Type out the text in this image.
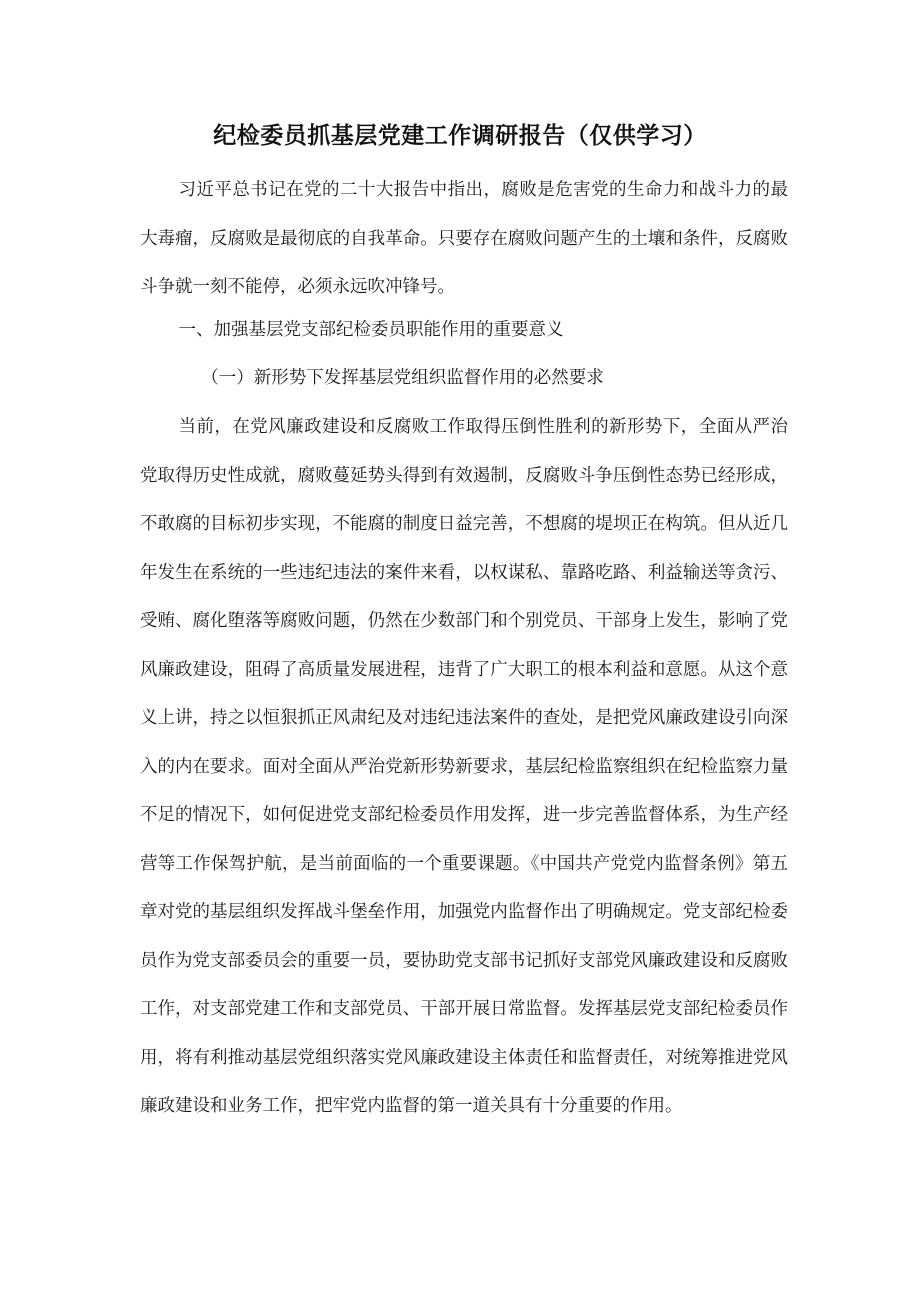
纪检委员抓基层党建工作调研报告（仅供学习）

习近平总书记在党的二十大报告中指出，腐败是危害党的生命力和战斗力的最大毒瘤，反腐败是最彻底的自我革命。只要存在腐败问题产生的土壤和条件，反腐败斗争就一刻不能停，必须永远吹冲锋号。

一、加强基层党支部纪检委员职能作用的重要意义

（一）新形势下发挥基层党组织监督作用的必然要求

当前，在党风廉政建设和反腐败工作取得压倒性胜利的新形势下，全面从严治党取得历史性成就，腐败蔓延势头得到有效遏制，反腐败斗争压倒性态势已经形成，不敢腐的目标初步实现，不能腐的制度日益完善，不想腐的堤坝正在构筑。但从近几年发生在系统的一些违纪违法的案件来看，以权谋私、靠路吃路、利益输送等贪污、受贿、腐化堕落等腐败问题，仍然在少数部门和个别党员、干部身上发生，影响了党风廉政建设，阻碍了高质量发展进程，违背了广大职工的根本利益和意愿。从这个意义上讲，持之以恒狠抓正风肃纪及对违纪违法案件的查处，是把党风廉政建设引向深入的内在要求。面对全面从严治党新形势新要求，基层纪检监察组织在纪检监察力量不足的情况下，如何促进党支部纪检委员作用发挥，进一步完善监督体系，为生产经营等工作保驾护航，是当前面临的一个重要课题。《中国共产党党内监督条例》第五章对党的基层组织发挥战斗堡垒作用，加强党内监督作出了明确规定。党支部纪检委员作为党支部委员会的重要一员，要协助党支部书记抓好支部党风廉政建设和反腐败工作，对支部党建工作和支部党员、干部开展日常监督。发挥基层党支部纪检委员作用，将有利推动基层党组织落实党风廉政建设主体责任和监督责任，对统筹推进党风廉政建设和业务工作，把牢党内监督的第一道关具有十分重要的作用。
